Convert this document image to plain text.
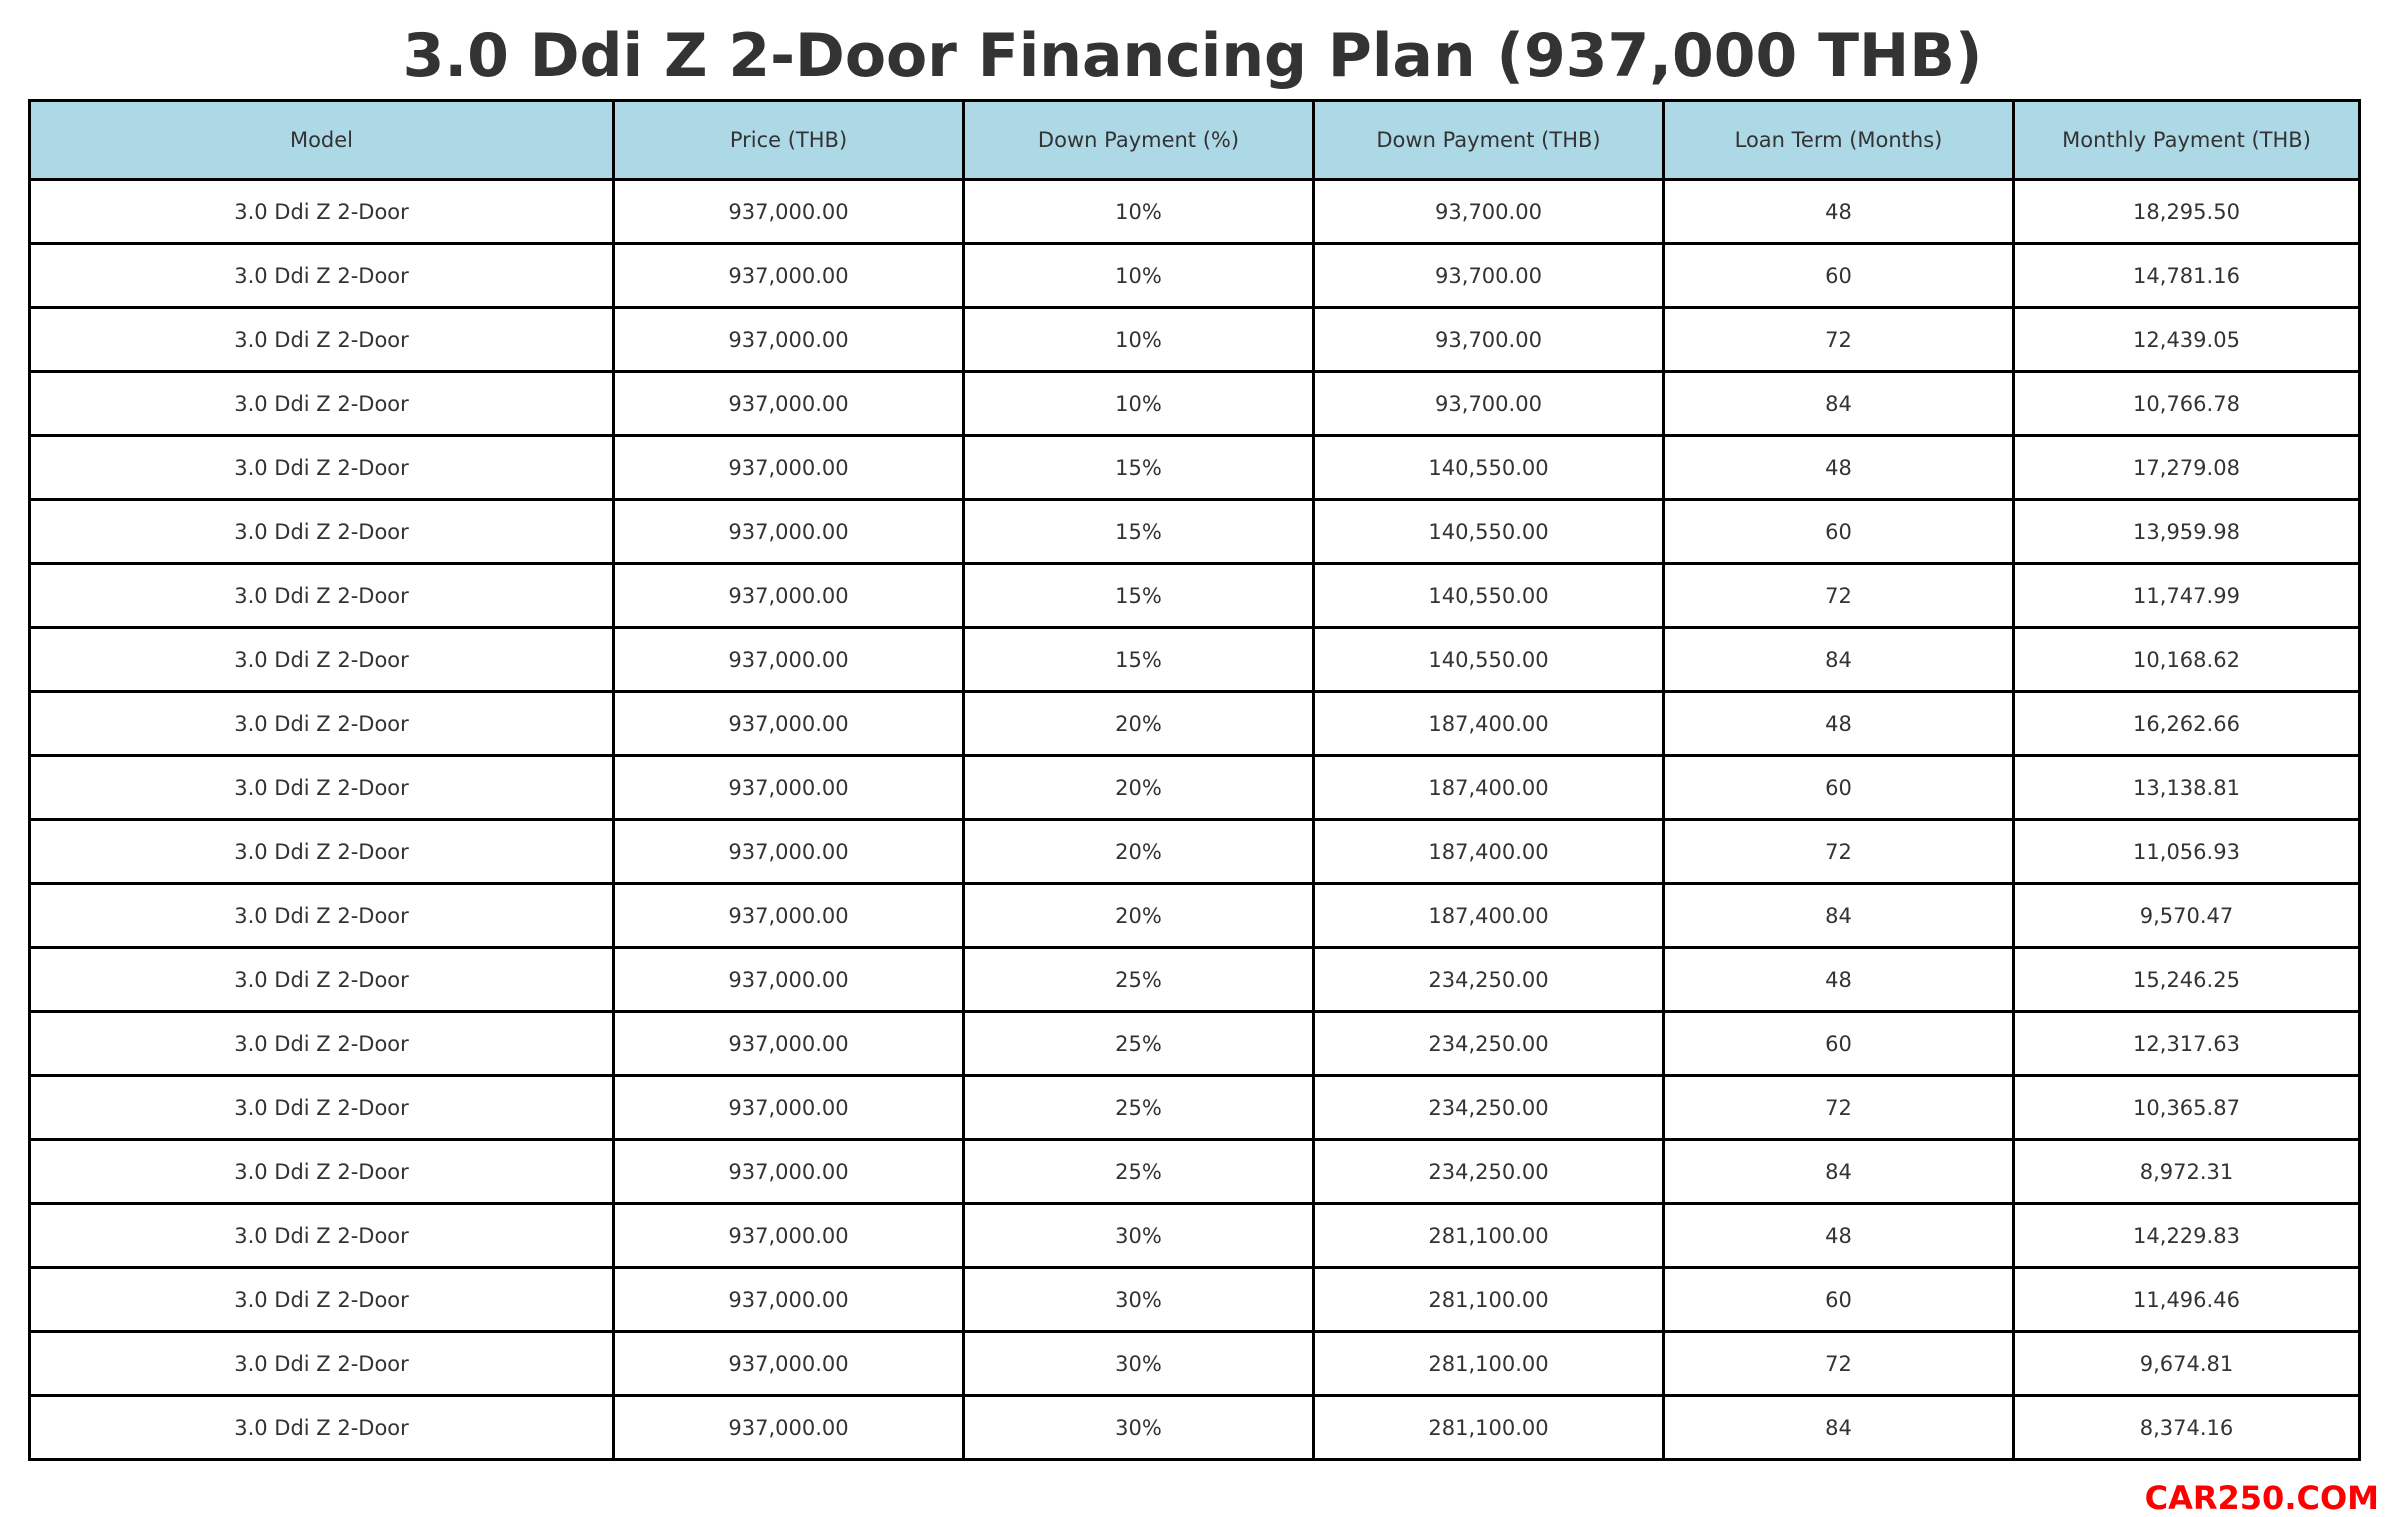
3.0 Ddi Z 2-Door Financing Plan (937,000 THB)
Model	Price (THB)	Down Payment (%)	Down Payment (THB)	Loan Term (Months)	Monthly Payment (THB)
3.0 Ddi Z 2-Door	937,000.00	10%	93,700.00	48	18,295.50
3.0 Ddi Z 2-Door	937,000.00	10%	93,700.00	60	14,781.16
3.0 Ddi Z 2-Door	937,000.00	10%	93,700.00	72	12,439.05
3.0 Ddi Z 2-Door	937,000.00	10%	93,700.00	84	10,766.78
3.0 Ddi Z 2-Door	937,000.00	15%	140,550.00	48	17,279.08
3.0 Ddi Z 2-Door	937,000.00	15%	140,550.00	60	13,959.98
3.0 Ddi Z 2-Door	937,000.00	15%	140,550.00	72	11,747.99
3.0 Ddi Z 2-Door	937,000.00	15%	140,550.00	84	10,168.62
3.0 Ddi Z 2-Door	937,000.00	20%	187,400.00	48	16,262.66
3.0 Ddi Z 2-Door	937,000.00	20%	187,400.00	60	13,138.81
3.0 Ddi Z 2-Door	937,000.00	20%	187,400.00	72	11,056.93
3.0 Ddi Z 2-Door	937,000.00	20%	187,400.00	84	9,570.47
3.0 Ddi Z 2-Door	937,000.00	25%	234,250.00	48	15,246.25
3.0 Ddi Z 2-Door	937,000.00	25%	234,250.00	60	12,317.63
3.0 Ddi Z 2-Door	937,000.00	25%	234,250.00	72	10,365.87
3.0 Ddi Z 2-Door	937,000.00	25%	234,250.00	84	8,972.31
3.0 Ddi Z 2-Door	937,000.00	30%	281,100.00	48	14,229.83
3.0 Ddi Z 2-Door	937,000.00	30%	281,100.00	60	11,496.46
3.0 Ddi Z 2-Door	937,000.00	30%	281,100.00	72	9,674.81
3.0 Ddi Z 2-Door	937,000.00	30%	281,100.00	84	8,374.16
CAR250.COM
